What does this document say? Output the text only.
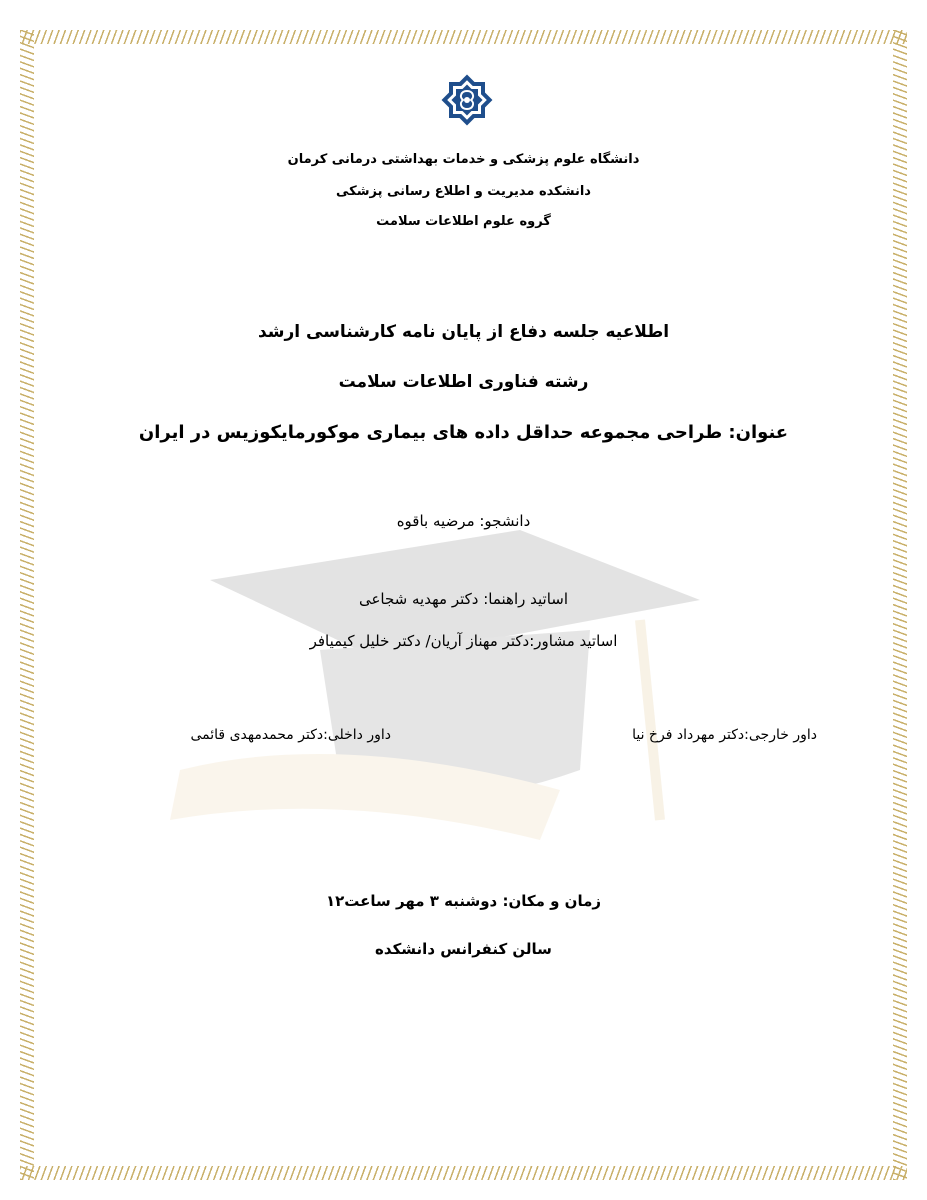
دانشگاه علوم پزشکی و خدمات بهداشتی درمانی کرمان
دانشکده مدیریت و اطلاع رسانی پزشکی
گروه علوم اطلاعات سلامت
اطلاعیه جلسه دفاع از پایان نامه کارشناسی ارشد
رشته فناوری اطلاعات سلامت
عنوان: طراحی مجموعه حداقل داده های بیماری موکورمایکوزیس در ایران
دانشجو: مرضیه باقوه
اساتید راهنما: دکتر مهدیه شجاعی
اساتید مشاور:دکتر مهناز آریان/ دکتر خلیل کیمیافر
داور خارجی:دکتر مهرداد فرخ نیا
داور داخلی:دکتر محمدمهدی قائمی
زمان و مکان: دوشنبه ۳ مهر ساعت۱۲
سالن کنفرانس دانشکده
